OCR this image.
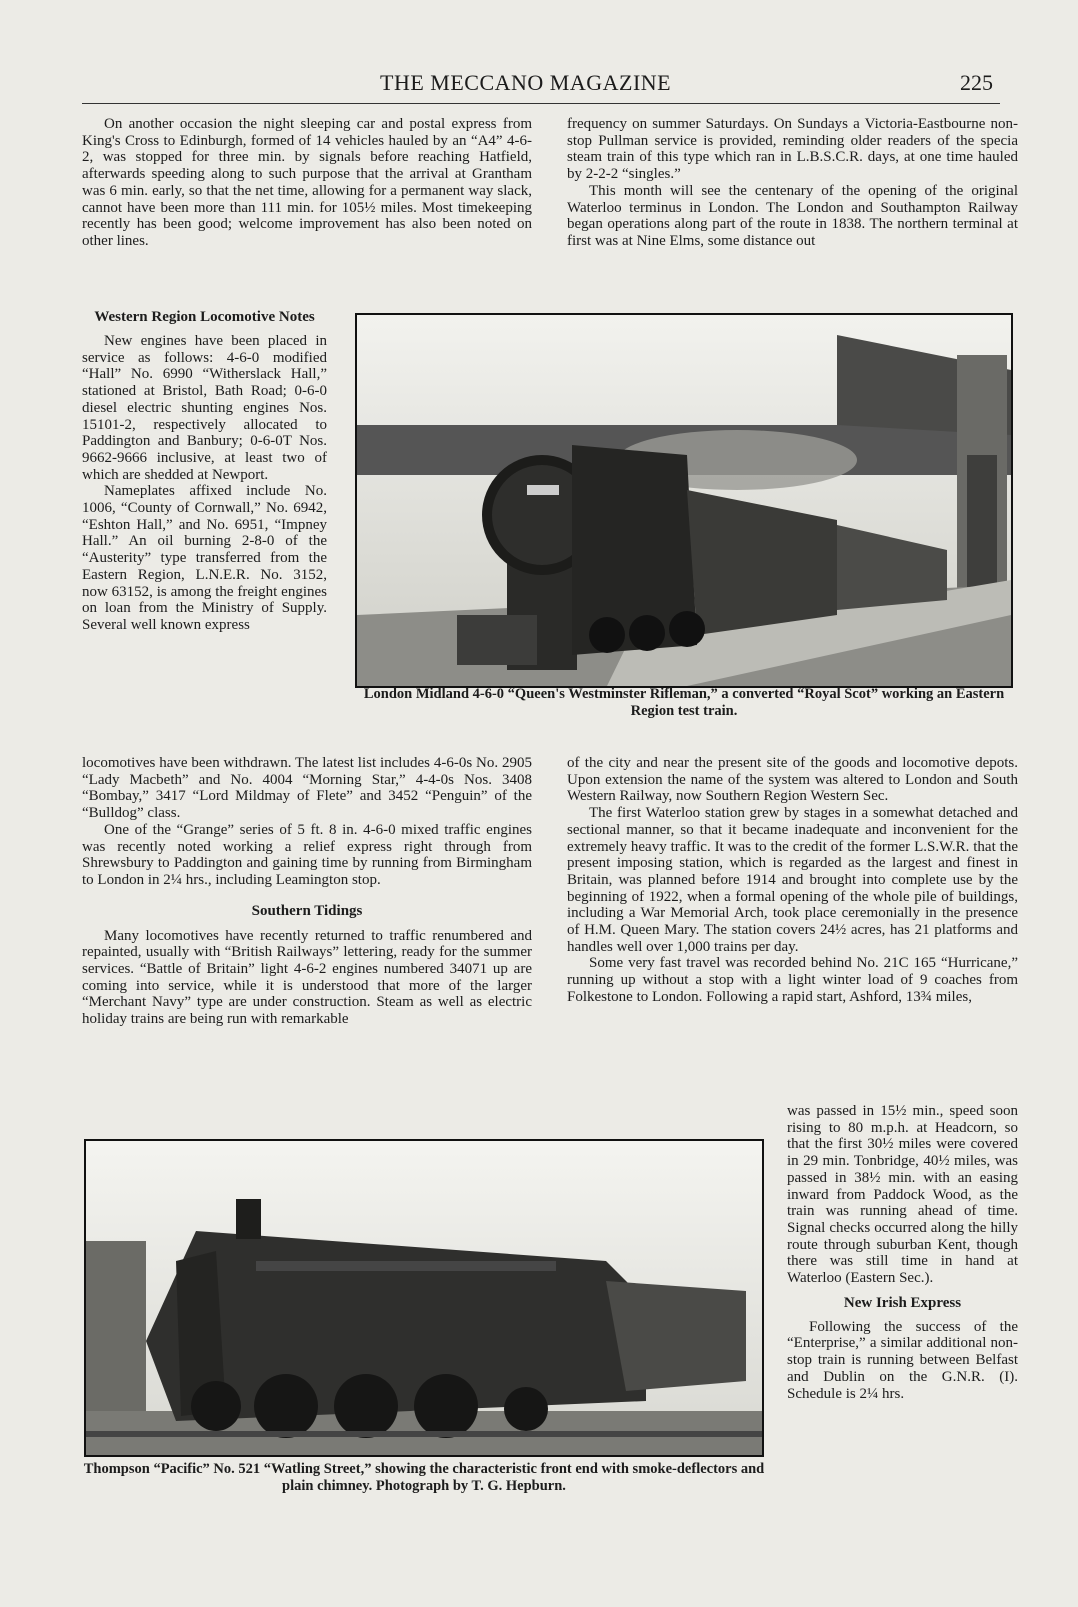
THE MECCANO MAGAZINE	225

On another occasion the night sleeping car and postal express from King's Cross to Edinburgh, formed of 14 vehicles hauled by an “A4” 4-6-2, was stopped for three min. by signals before reaching Hatfield, afterwards speeding along to such purpose that the arrival at Grantham was 6 min. early, so that the net time, allowing for a permanent way slack, cannot have been more than 111 min. for 105½ miles. Most timekeeping recently has been good; welcome improvement has also been noted on other lines.

frequency on summer Saturdays. On Sundays a Victoria-Eastbourne non-stop Pullman service is provided, reminding older readers of the specia steam train of this type which ran in L.B.S.C.R. days, at one time hauled by 2-2-2 “singles.”

This month will see the centenary of the opening of the original Waterloo terminus in London. The London and Southampton Railway began operations along part of the route in 1838. The northern terminal at first was at Nine Elms, some distance out

Western Region Locomotive Notes

New engines have been placed in service as follows: 4-6-0 modified “Hall” No. 6990 “Witherslack Hall,” stationed at Bristol, Bath Road; 0-6-0 diesel electric shunting engines Nos. 15101-2, respectively allocated to Paddington and Banbury; 0-6-0T Nos. 9662-9666 inclusive, at least two of which are shedded at Newport.

Nameplates affixed include No. 1006, “County of Cornwall,” No. 6942, “Eshton Hall,” and No. 6951, “Impney Hall.” An oil burning 2-8-0 of the “Austerity” type transferred from the Eastern Region, L.N.E.R. No. 3152, now 63152, is among the freight engines on loan from the Ministry of Supply. Several well known express

London Midland 4-6-0 “Queen's Westminster Rifleman,” a converted “Royal Scot” working an Eastern Region test train.

locomotives have been withdrawn. The latest list includes 4-6-0s No. 2905 “Lady Macbeth” and No. 4004 “Morning Star,” 4-4-0s Nos. 3408 “Bombay,” 3417 “Lord Mildmay of Flete” and 3452 “Penguin” of the “Bulldog” class.

One of the “Grange” series of 5 ft. 8 in. 4-6-0 mixed traffic engines was recently noted working a relief express right through from Shrewsbury to Paddington and gaining time by running from Birmingham to London in 2¼ hrs., including Leamington stop.

Southern Tidings

Many locomotives have recently returned to traffic renumbered and repainted, usually with “British Railways” lettering, ready for the summer services. “Battle of Britain” light 4-6-2 engines numbered 34071 up are coming into service, while it is understood that more of the larger “Merchant Navy” type are under construction. Steam as well as electric holiday trains are being run with remarkable

of the city and near the present site of the goods and locomotive depots. Upon extension the name of the system was altered to London and South Western Railway, now Southern Region Western Sec.

The first Waterloo station grew by stages in a somewhat detached and sectional manner, so that it became inadequate and inconvenient for the extremely heavy traffic. It was to the credit of the former L.S.W.R. that the present imposing station, which is regarded as the largest and finest in Britain, was planned before 1914 and brought into complete use by the beginning of 1922, when a formal opening of the whole pile of buildings, including a War Memorial Arch, took place ceremonially in the presence of H.M. Queen Mary. The station covers 24½ acres, has 21 platforms and handles well over 1,000 trains per day.

Some very fast travel was recorded behind No. 21C 165 “Hurricane,” running up without a stop with a light winter load of 9 coaches from Folkestone to London. Following a rapid start, Ashford, 13¾ miles,

was passed in 15½ min., speed soon rising to 80 m.p.h. at Headcorn, so that the first 30½ miles were covered in 29 min. Tonbridge, 40½ miles, was passed in 38½ min. with an easing inward from Paddock Wood, as the train was running ahead of time. Signal checks occurred along the hilly route through suburban Kent, though there was still time in hand at Waterloo (Eastern Sec.).

New Irish Express

Following the success of the “Enterprise,” a similar additional non-stop train is running between Belfast and Dublin on the G.N.R. (I). Schedule is 2¼ hrs.

Thompson “Pacific” No. 521 “Watling Street,” showing the characteristic front end with smoke-deflectors and plain chimney. Photograph by T. G. Hepburn.
